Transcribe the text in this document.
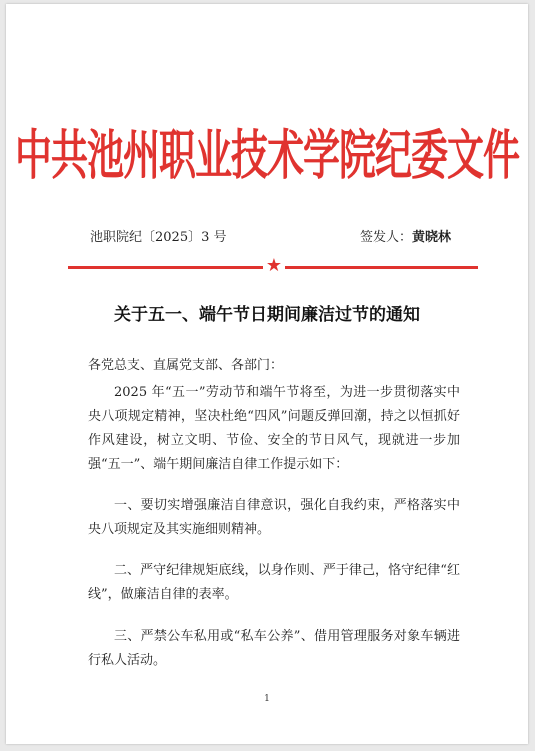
中共池州职业技术学院纪委文件
池职院纪〔2025〕3 号	签发人：黄晓林
★
关于五一、端午节日期间廉洁过节的通知
各党总支、直属党支部、各部门：

2025 年“五一”劳动节和端午节将至，为进一步贯彻落实中央八项规定精神，坚决杜绝“四风”问题反弹回潮，持之以恒抓好作风建设，树立文明、节俭、安全的节日风气，现就进一步加强“五一”、端午期间廉洁自律工作提示如下：

一、要切实增强廉洁自律意识，强化自我约束，严格落实中央八项规定及其实施细则精神。

二、严守纪律规矩底线，以身作则、严于律己，恪守纪律“红线”，做廉洁自律的表率。

三、严禁公车私用或“私车公养”、借用管理服务对象车辆进行私人活动。

1
